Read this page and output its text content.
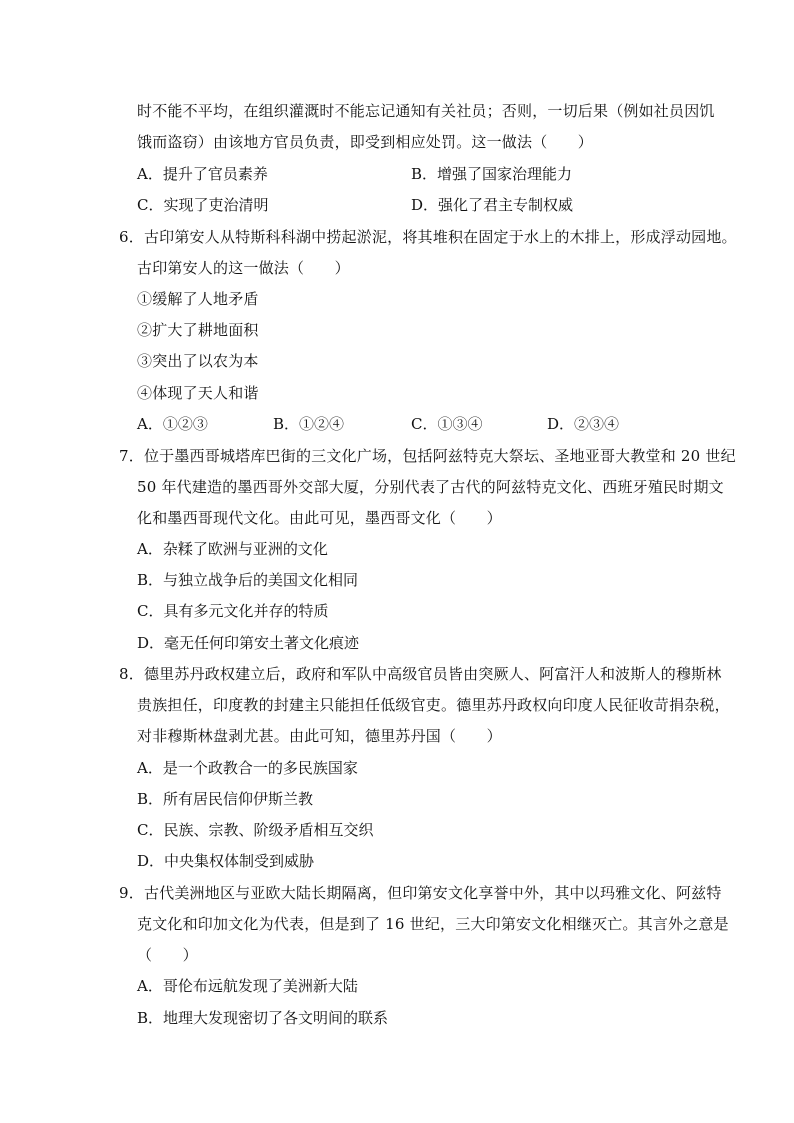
时不能不平均，在组织灌溉时不能忘记通知有关社员；否则，一切后果（例如社员因饥
饿而盗窃）由该地方官员负责，即受到相应处罚。这一做法（　　）
A．提升了官员素养	B．增强了国家治理能力
C．实现了吏治清明	D．强化了君主专制权威
6．古印第安人从特斯科科湖中捞起淤泥，将其堆积在固定于水上的木排上，形成浮动园地。
古印第安人的这一做法（　　）
①缓解了人地矛盾
②扩大了耕地面积
③突出了以农为本
④体现了天人和谐
A．①②③	B．①②④	C．①③④	D．②③④
7．位于墨西哥城塔库巴街的三文化广场，包括阿兹特克大祭坛、圣地亚哥大教堂和 20 世纪
50 年代建造的墨西哥外交部大厦，分别代表了古代的阿兹特克文化、西班牙殖民时期文
化和墨西哥现代文化。由此可见，墨西哥文化（　　）
A．杂糅了欧洲与亚洲的文化
B．与独立战争后的美国文化相同
C．具有多元文化并存的特质
D．毫无任何印第安土著文化痕迹
8．德里苏丹政权建立后，政府和军队中高级官员皆由突厥人、阿富汗人和波斯人的穆斯林
贵族担任，印度教的封建主只能担任低级官吏。德里苏丹政权向印度人民征收苛捐杂税，
对非穆斯林盘剥尤甚。由此可知，德里苏丹国（　　）
A．是一个政教合一的多民族国家
B．所有居民信仰伊斯兰教
C．民族、宗教、阶级矛盾相互交织
D．中央集权体制受到威胁
9．古代美洲地区与亚欧大陆长期隔离，但印第安文化享誉中外，其中以玛雅文化、阿兹特
克文化和印加文化为代表，但是到了 16 世纪，三大印第安文化相继灭亡。其言外之意是
（　　）
A．哥伦布远航发现了美洲新大陆
B．地理大发现密切了各文明间的联系
